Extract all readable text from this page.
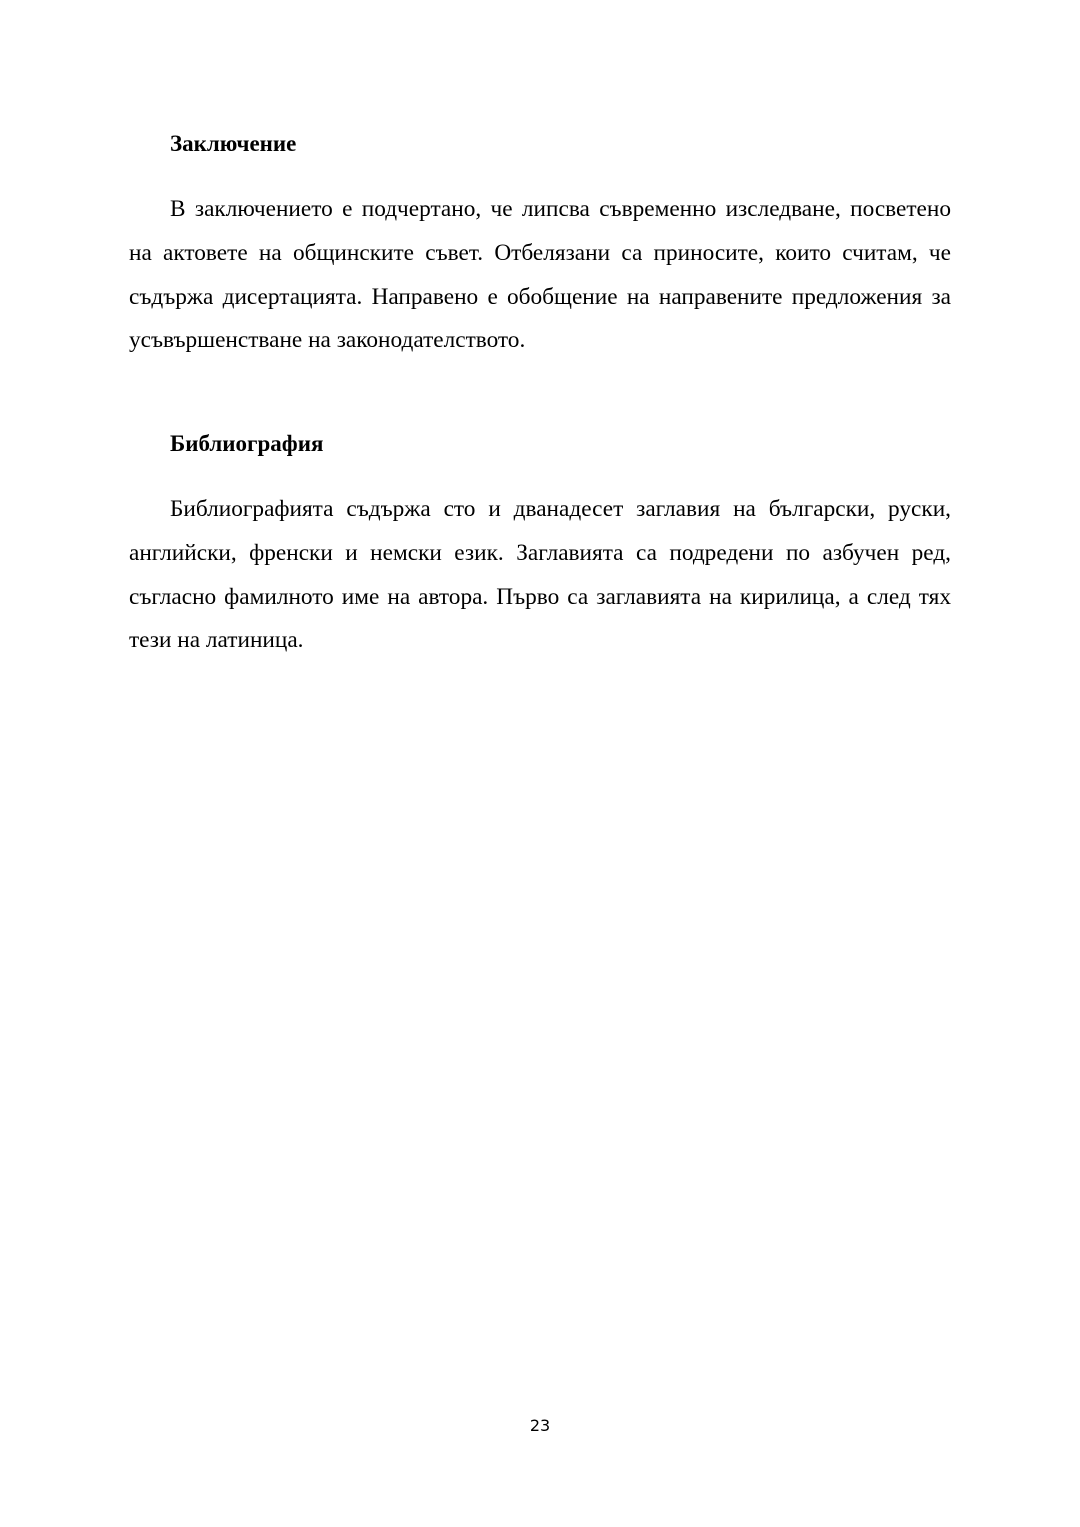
Заключение

В заключението е подчертано, че липсва съвременно изследване, посветено на актовете на общинските съвет. Отбелязани са приносите, които считам, че съдържа дисертацията. Направено е обобщение на направените предложения за усъвършенстване на законодателството.

Библиография

Библиографията съдържа сто и дванадесет заглавия на български, руски, английски, френски и немски език. Заглавията са подредени по азбучен ред, съгласно фамилното име на автора. Първо са заглавията на кирилица, а след тях тези на латиница.

23
